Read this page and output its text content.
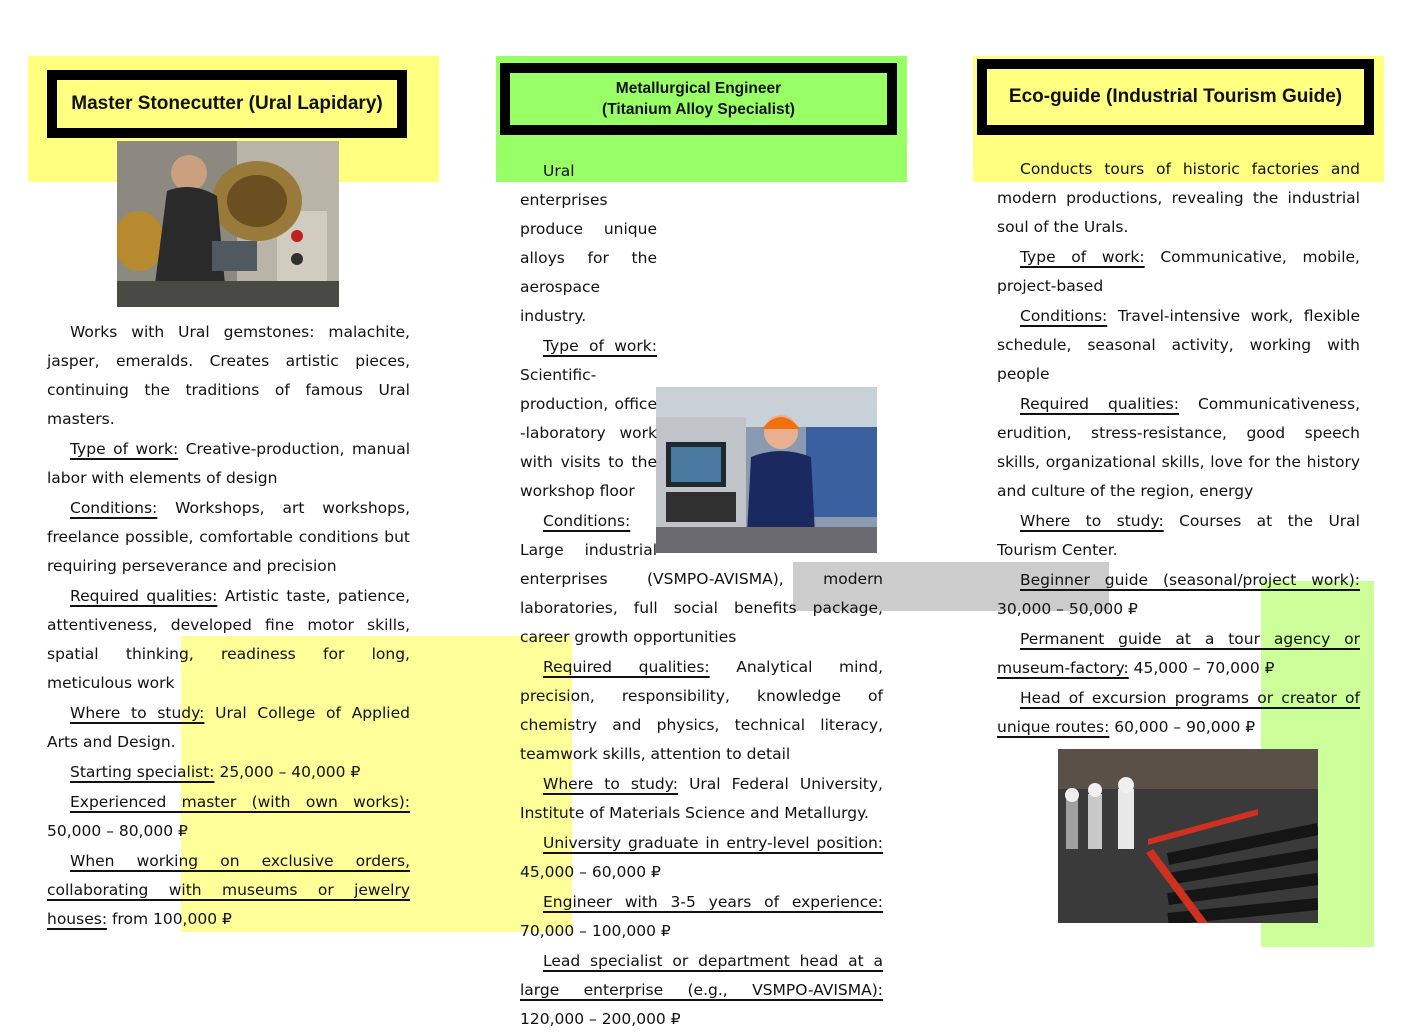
Master Stonecutter (Ural Lapidary)
Metallurgical Engineer
(Titanium Alloy Specialist)
Eco-guide (Industrial Tourism Guide)

Works with Ural gemstones: malachite, jasper, emeralds. Creates artistic pieces, continuing the traditions of famous Ural masters.

Type of work: Creative-production, manual labor with elements of design

Conditions: Workshops, art workshops, freelance possible, comfortable conditions but requiring perseverance and precision

Required qualities: Artistic taste, patience, attentiveness, developed fine motor skills, spatial thinking, readiness for long, meticulous work

Where to study: Ural College of Applied Arts and Design.

Starting specialist: 25,000 – 40,000 ₽

Experienced master (with own works): 50,000 – 80,000 ₽

When working on exclusive orders, collaborating with museums or jewelry houses: from 100,000 ₽

Ural enterprises produce unique alloys for the aerospace industry.

Type of work: Scientific-production, office -laboratory work with visits to the workshop floor

Conditions: Large industrial enterprises (VSMPO-AVISMA), modern laboratories, full social benefits package, career growth opportunities

Required qualities: Analytical mind, precision, responsibility, knowledge of chemistry and physics, technical literacy, teamwork skills, attention to detail

Where to study: Ural Federal University, Institute of Materials Science and Metallurgy.

University graduate in entry-level position: 45,000 – 60,000 ₽

Engineer with 3-5 years of experience: 70,000 – 100,000 ₽

Lead specialist or department head at a large enterprise (e.g., VSMPO-AVISMA): 120,000 – 200,000 ₽

Conducts tours of historic factories and modern productions, revealing the industrial soul of the Urals.

Type of work: Communicative, mobile, project-based

Conditions: Travel-intensive work, flexible schedule, seasonal activity, working with people

Required qualities: Communicativeness, erudition, stress-resistance, good speech skills, organizational skills, love for the history and culture of the region, energy

Where to study: Courses at the Ural Tourism Center.

Beginner guide (seasonal/project work): 30,000 – 50,000 ₽

Permanent guide at a tour agency or museum-factory: 45,000 – 70,000 ₽

Head of excursion programs or creator of unique routes: 60,000 – 90,000 ₽
